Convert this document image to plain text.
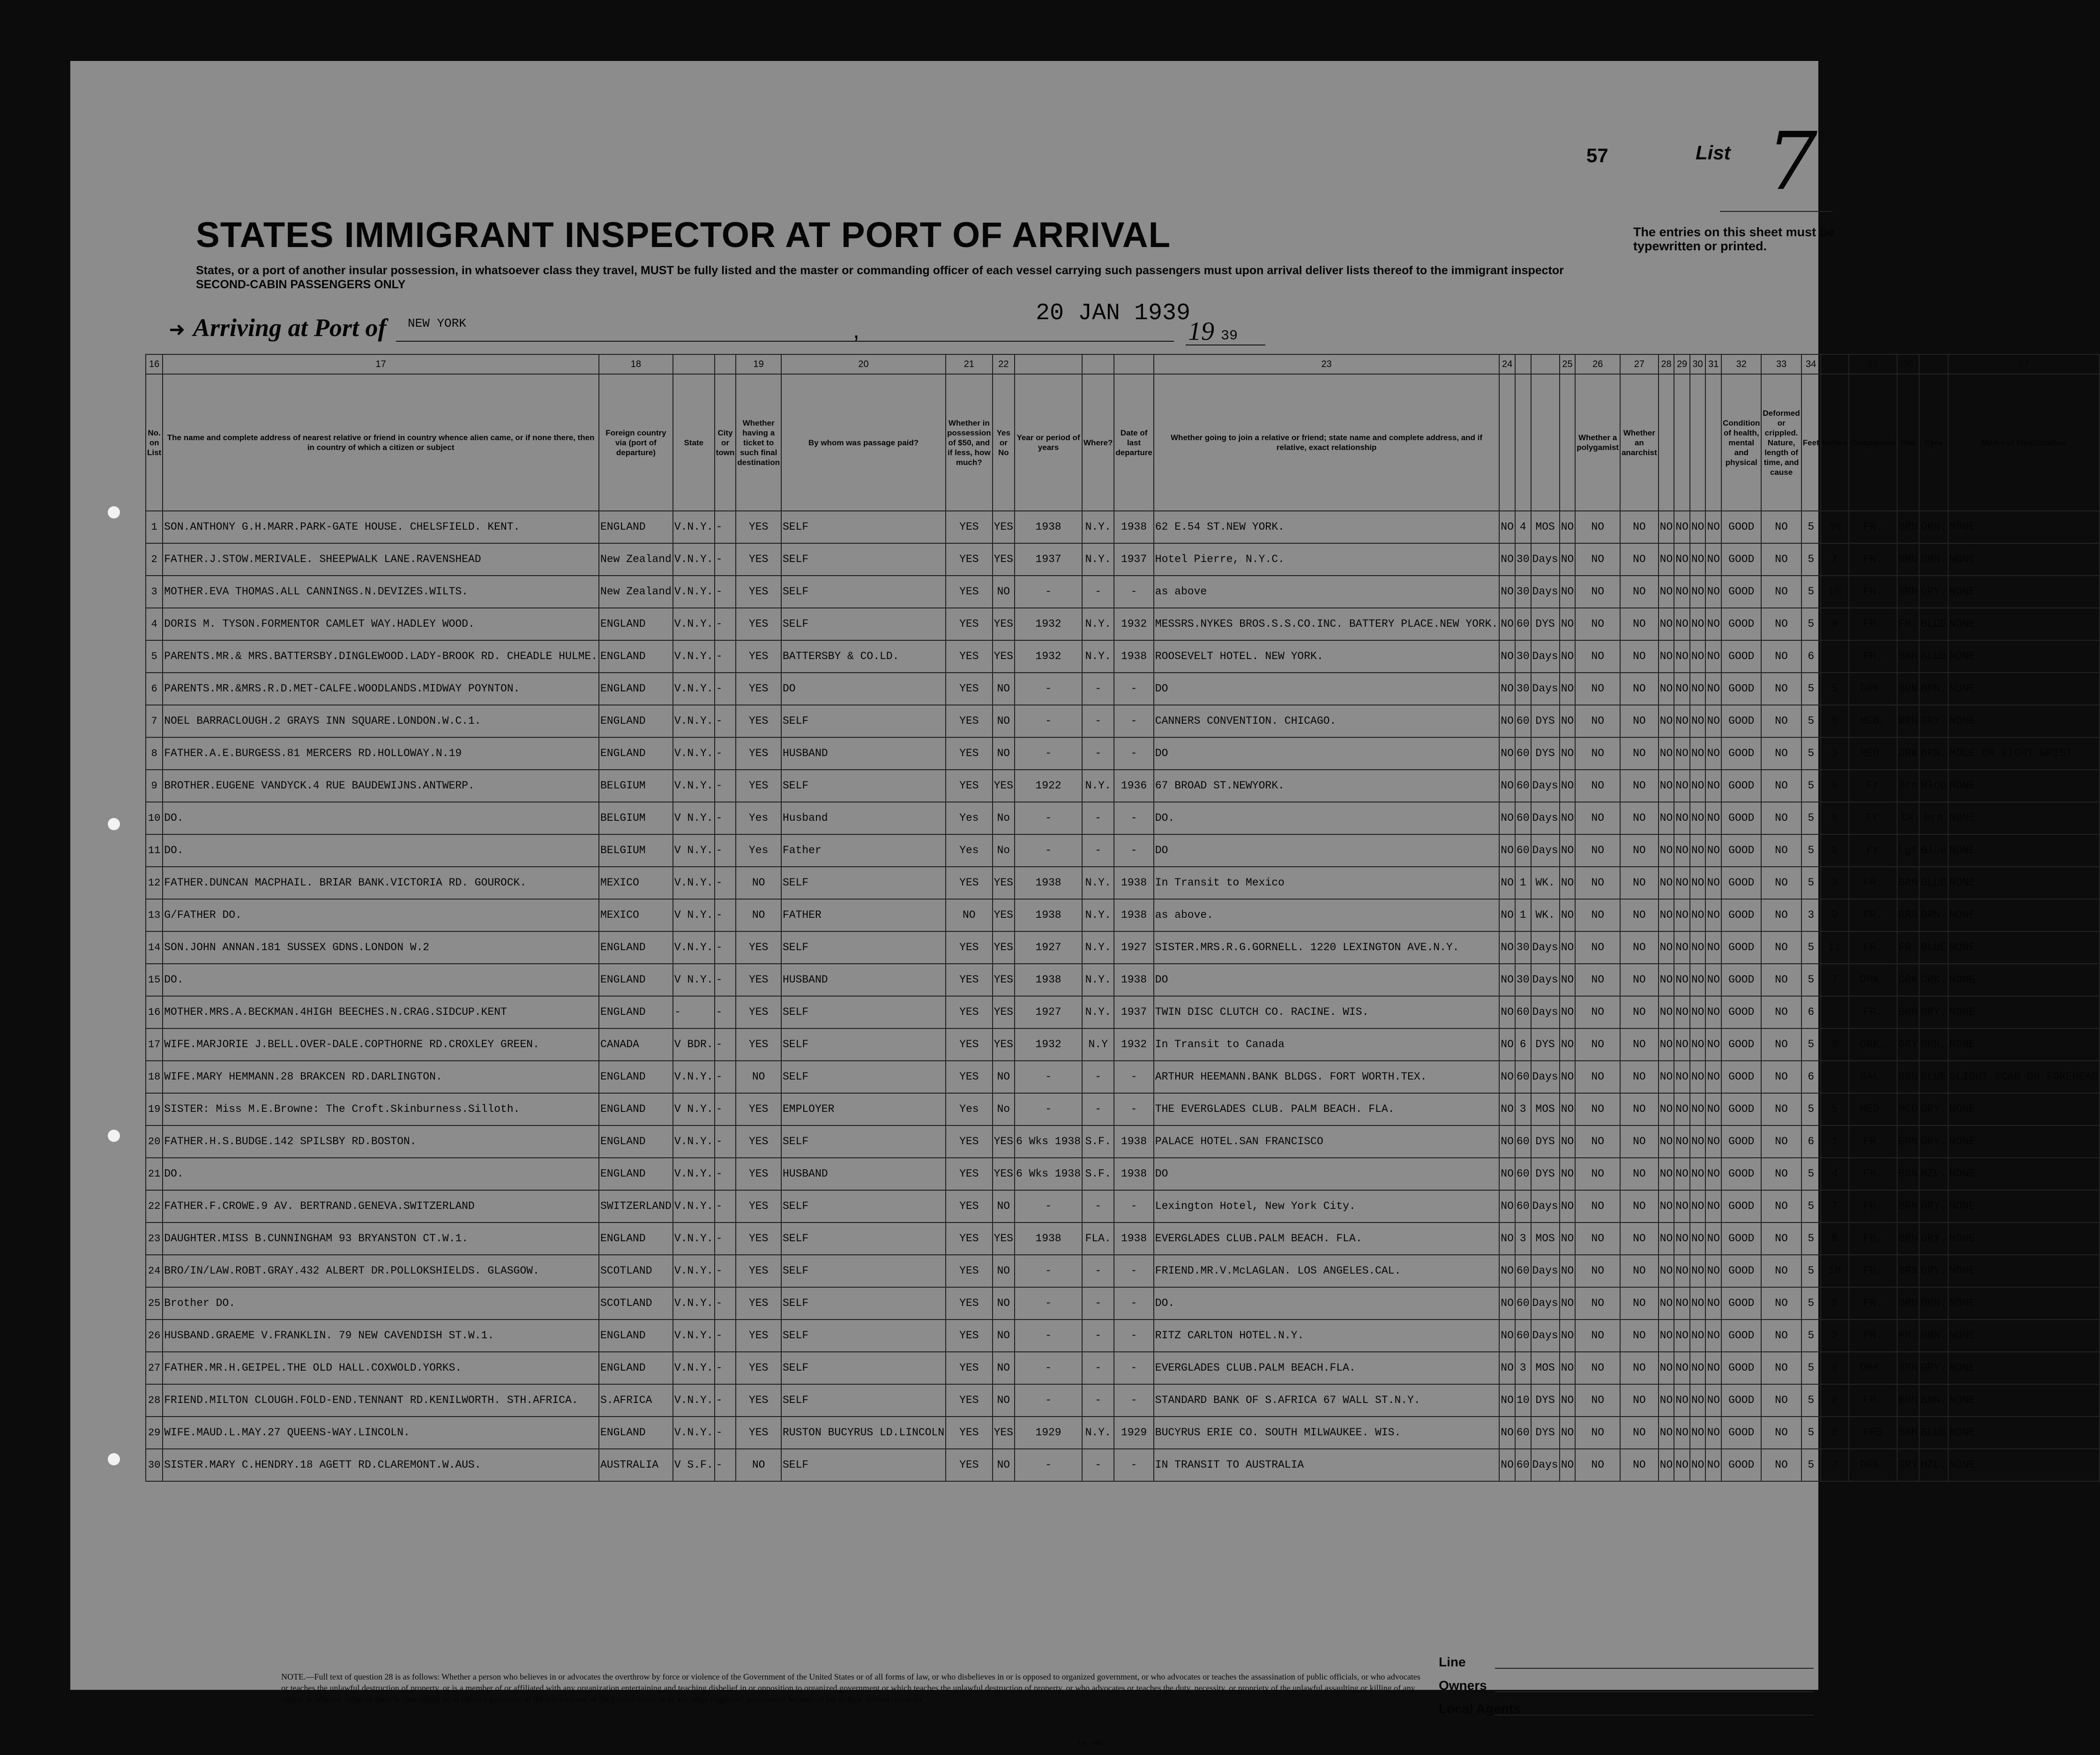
57	List 7
The entries on this sheet must be typewritten or printed.
STATES IMMIGRANT INSPECTOR AT PORT OF ARRIVAL
States, or a port of another insular possession, in whatsoever class they travel, MUST be fully listed and the master or commanding officer of each vessel carrying such passengers must upon arrival deliver lists thereof to the immigrant inspector
SECOND-CABIN PASSENGERS ONLY
➜ Arriving at Port of NEW YORK	20 JAN 1939
,	19 39
16	17	18			19	20	21	22				23	24			25	26	27	28	29	30	31	32	33	34		35	36		37
No. on List	The name and complete address of nearest relative or friend in country whence alien came, or if none there, then in country of which a citizen or subject	Foreign country via (port of departure)	State	City or town	Whether having a ticket to such final destination	By whom was passage paid?	Whether in possession of $50, and if less, how much?	Yes or No	Year or period of years	Where?	Date of last departure	Whether going to join a relative or friend; state name and complete address, and if relative, exact relationship					Whether a polygamist	Whether an anarchist					Condition of health, mental and physical	Deformed or crippled. Nature, length of time, and cause	Feet	Inches	Complexion	Hair	Eyes	Marks of identification
1	SON.ANTHONY G.H.MARR.PARK-GATE HOUSE. CHELSFIELD. KENT.	ENGLAND	V.N.Y.	-	YES	SELF	YES	YES	1938	N.Y.	1938	62 E.54 ST.NEW YORK.	NO	4	MOS	NO	NO	NO	NO	NO	NO	NO	GOOD	NO	5	3½	FR.	BRN	GRN.	NONE
2	FATHER.J.STOW.MERIVALE. SHEEPWALK LANE.RAVENSHEAD	New Zealand	V.N.Y.	-	YES	SELF	YES	YES	1937	N.Y.	1937	Hotel Pierre, N.Y.C.	NO	30	Days	NO	NO	NO	NO	NO	NO	NO	GOOD	NO	5	7	FR.	BRN	BRN.	NONE
3	MOTHER.EVA THOMAS.ALL CANNINGS.N.DEVIZES.WILTS.	New Zealand	V.N.Y.	-	YES	SELF	YES	NO	-	-	-	as above	NO	30	Days	NO	NO	NO	NO	NO	NO	NO	GOOD	NO	5	1½	FR.	BRN	GRY.	NONE
4	DORIS M. TYSON.FORMENTOR CAMLET WAY.HADLEY WOOD.	ENGLAND	V.N.Y.	-	YES	SELF	YES	YES	1932	N.Y.	1932	MESSRS.NYKES BROS.S.S.CO.INC. BATTERY PLACE.NEW YORK.	NO	60	DYS	NO	NO	NO	NO	NO	NO	NO	GOOD	NO	5	9	FR.	FR.	BLUE	NONE
5	PARENTS.MR.& MRS.BATTERSBY.DINGLEWOOD.LADY-BROOK RD. CHEADLE HULME.	ENGLAND	V.N.Y.	-	YES	BATTERSBY & CO.LD.	YES	YES	1932	N.Y.	1938	ROOSEVELT HOTEL. NEW YORK.	NO	30	Days	NO	NO	NO	NO	NO	NO	NO	GOOD	NO	6	-	FR.	BRN	BLUE	NONE
6	PARENTS.MR.&MRS.R.D.MET-CALFE.WOODLANDS.MIDWAY POYNTON.	ENGLAND	V.N.Y.	-	YES	DO	YES	NO	-	-	-	DO	NO	30	Days	NO	NO	NO	NO	NO	NO	NO	GOOD	NO	5	5	DRK.	BRN	BRN.	NONE
7	NOEL BARRACLOUGH.2 GRAYS INN SQUARE.LONDON.W.C.1.	ENGLAND	V.N.Y.	-	YES	SELF	YES	NO	-	-	-	CANNERS CONVENTION. CHICAGO.	NO	60	DYS	NO	NO	NO	NO	NO	NO	NO	GOOD	NO	5	5	MED.	BRN	GRY.	NONE
8	FATHER.A.E.BURGESS.81 MERCERS RD.HOLLOWAY.N.19	ENGLAND	V.N.Y.	-	YES	HUSBAND	YES	NO	-	-	-	DO	NO	60	DYS	NO	NO	NO	NO	NO	NO	NO	GOOD	NO	5	3	MED.	DRK	BRN.	MOLE ON RIGHT WRIST
9	BROTHER.EUGENE VANDYCK.4 RUE BAUDEWIJNS.ANTWERP.	BELGIUM	V.N.Y.	-	YES	SELF	YES	YES	1922	N.Y.	1936	67 BROAD ST.NEWYORK.	NO	60	Days	NO	NO	NO	NO	NO	NO	NO	GOOD	NO	5	8	Fr	Brn	Blue	NONE
10	DO.	BELGIUM	V N.Y.	-	Yes	Husband	Yes	No	-	-	-	DO.	NO	60	Days	NO	NO	NO	NO	NO	NO	NO	GOOD	NO	5	8	Fr	Dk	Brn	NONE
11	DO.	BELGIUM	V N.Y.	-	Yes	Father	Yes	No	-	-	-	DO	NO	60	Days	NO	NO	NO	NO	NO	NO	NO	GOOD	NO	5	8	Fr	Lgt	Blue	NONE
12	FATHER.DUNCAN MACPHAIL. BRIAR BANK.VICTORIA RD. GOUROCK.	MEXICO	V.N.Y.	-	NO	SELF	YES	YES	1938	N.Y.	1938	In Transit to Mexico	NO	1	WK.	NO	NO	NO	NO	NO	NO	NO	GOOD	NO	5	9	FR.	BRN	BLUE	NONE
13	G/FATHER DO.	MEXICO	V N.Y.	-	NO	FATHER	NO	YES	1938	N.Y.	1938	as above.	NO	1	WK.	NO	NO	NO	NO	NO	NO	NO	GOOD	NO	3	9	FR.	BRN	BRN.	NONE
14	SON.JOHN ANNAN.181 SUSSEX GDNS.LONDON W.2	ENGLAND	V.N.Y.	-	YES	SELF	YES	YES	1927	N.Y.	1927	SISTER.MRS.R.G.GORNELL. 1220 LEXINGTON AVE.N.Y.	NO	30	Days	NO	NO	NO	NO	NO	NO	NO	GOOD	NO	5	11	FR.	FR.	BLUE	NONE
15	DO.	ENGLAND	V N.Y.	-	YES	HUSBAND	YES	YES	1938	N.Y.	1938	DO	NO	30	Days	NO	NO	NO	NO	NO	NO	NO	GOOD	NO	5	7	DRK.	DRK	DRK.	NONE
16	MOTHER.MRS.A.BECKMAN.4HIGH BEECHES.N.CRAG.SIDCUP.KENT	ENGLAND	-	-	YES	SELF	YES	YES	1927	N.Y.	1937	TWIN DISC CLUTCH CO. RACINE. WIS.	NO	60	Days	NO	NO	NO	NO	NO	NO	NO	GOOD	NO	6	-	FR.	BRN	GRY.	NONE
17	WIFE.MARJORIE J.BELL.OVER-DALE.COPTHORNE RD.CROXLEY GREEN.	CANADA	V BDR.	-	YES	SELF	YES	YES	1932	N.Y	1932	In Transit to Canada	NO	6	DYS	NO	NO	NO	NO	NO	NO	NO	GOOD	NO	5	9	DRK.	GRY	BRN.	NONE
18	WIFE.MARY HEMMANN.28 BRAKCEN RD.DARLINGTON.	ENGLAND	V.N.Y.	-	NO	SELF	YES	NO	-	-	-	ARTHUR HEEMANN.BANK BLDGS. FORT WORTH.TEX.	NO	60	Days	NO	NO	NO	NO	NO	NO	NO	GOOD	NO	6	-	SAL.	BRN	BLUE	SLIGHT SCAR ON FOREHEAD
19	SISTER: Miss M.E.Browne: The Croft.Skinburness.Silloth.	ENGLAND	V N.Y.	-	YES	EMPLOYER	Yes	No	-	-	-	THE EVERGLADES CLUB. PALM BEACH. FLA.	NO	3	MOS	NO	NO	NO	NO	NO	NO	NO	GOOD	NO	5	5	MED.	MED	GRY.	NONE
20	FATHER.H.S.BUDGE.142 SPILSBY RD.BOSTON.	ENGLAND	V.N.Y.	-	YES	SELF	YES	YES	6 Wks 1938	S.F.	1938	PALACE HOTEL.SAN FRANCISCO	NO	60	DYS	NO	NO	NO	NO	NO	NO	NO	GOOD	NO	6	1	FR.	BRN	GRY.	NONE
21	DO.	ENGLAND	V.N.Y.	-	YES	HUSBAND	YES	YES	6 Wks 1938	S.F.	1938	DO	NO	60	DYS	NO	NO	NO	NO	NO	NO	NO	GOOD	NO	5	4	FR.	BRN	HZL.	NONE
22	FATHER.F.CROWE.9 AV. BERTRAND.GENEVA.SWITZERLAND	SWITZERLAND	V.N.Y.	-	YES	SELF	YES	NO	-	-	-	Lexington Hotel, New York City.	NO	60	Days	NO	NO	NO	NO	NO	NO	NO	GOOD	NO	5	7	FR.	BRN	GRY.	NONE
23	DAUGHTER.MISS B.CUNNINGHAM 93 BRYANSTON CT.W.1.	ENGLAND	V.N.Y.	-	YES	SELF	YES	YES	1938	FLA.	1938	EVERGLADES CLUB.PALM BEACH. FLA.	NO	3	MOS	NO	NO	NO	NO	NO	NO	NO	GOOD	NO	5	9	FR.	BRN	GRY.	NONE
24	BRO/IN/LAW.ROBT.GRAY.432 ALBERT DR.POLLOKSHIELDS. GLASGOW.	SCOTLAND	V.N.Y.	-	YES	SELF	YES	NO	-	-	-	FRIEND.MR.V.McLAGLAN. LOS ANGELES.CAL.	NO	60	Days	NO	NO	NO	NO	NO	NO	NO	GOOD	NO	5	10	FR.	BRN	GRY.	NONE
25	Brother DO.	SCOTLAND	V.N.Y.	-	YES	SELF	YES	NO	-	-	-	DO.	NO	60	Days	NO	NO	NO	NO	NO	NO	NO	GOOD	NO	5	6	FR.	BRN	BRN.	NONE
26	HUSBAND.GRAEME V.FRANKLIN. 79 NEW CAVENDISH ST.W.1.	ENGLAND	V.N.Y.	-	YES	SELF	YES	NO	-	-	-	RITZ CARLTON HOTEL.N.Y.	NO	60	Days	NO	NO	NO	NO	NO	NO	NO	GOOD	NO	5	2	FR.	FR.	BRN.	NONE
27	FATHER.MR.H.GEIPEL.THE OLD HALL.COXWOLD.YORKS.	ENGLAND	V.N.Y.	-	YES	SELF	YES	NO	-	-	-	EVERGLADES CLUB.PALM BEACH.FLA.	NO	3	MOS	NO	NO	NO	NO	NO	NO	NO	GOOD	NO	5	9	DRK.	BRN	GRY.	NONE
28	FRIEND.MILTON CLOUGH.FOLD-END.TENNANT RD.KENILWORTH. STH.AFRICA.	S.AFRICA	V.N.Y.	-	YES	SELF	YES	NO	-	-	-	STANDARD BANK OF S.AFRICA 67 WALL ST.N.Y.	NO	10	DYS	NO	NO	NO	NO	NO	NO	NO	GOOD	NO	5	8	FR.	BRN	BRN.	NONE
29	WIFE.MAUD.L.MAY.27 QUEENS-WAY.LINCOLN.	ENGLAND	V.N.Y.	-	YES	RUSTON BUCYRUS LD.LINCOLN	YES	YES	1929	N.Y.	1929	BUCYRUS ERIE CO. SOUTH MILWAUKEE. WIS.	NO	60	DYS	NO	NO	NO	NO	NO	NO	NO	GOOD	NO	5	6	FRS	BRN	BLUE	NONE
30	SISTER.MARY C.HENDRY.18 AGETT RD.CLAREMONT.W.AUS.	AUSTRALIA	V S.F.	-	NO	SELF	YES	NO	-	-	-	IN TRANSIT TO AUSTRALIA	NO	60	Days	NO	NO	NO	NO	NO	NO	NO	GOOD	NO	5	7	DRK.	GRY	HZL.	NONE
NOTE.—Full text of question 28 is as follows: Whether a person who believes in or advocates the overthrow by force or violence of the Government of the United States or of all forms of law, or who disbelieves in or is opposed to organized government, or who advocates or teaches the assassination of public officials, or who advocates or teaches the unlawful destruction of property, or is a member of or affiliated with any organization entertaining and teaching disbelief in or opposition to organized government or which teaches the unlawful destruction of property, or who advocates or teaches the duty, necessity, or propriety of the unlawful assaulting or killing of any officer or officers, either of specific individuals or of officers generally, of the Government of the United States or of any other organized government because of his or their official character.
14—494
Line
Owners
Local Agents
